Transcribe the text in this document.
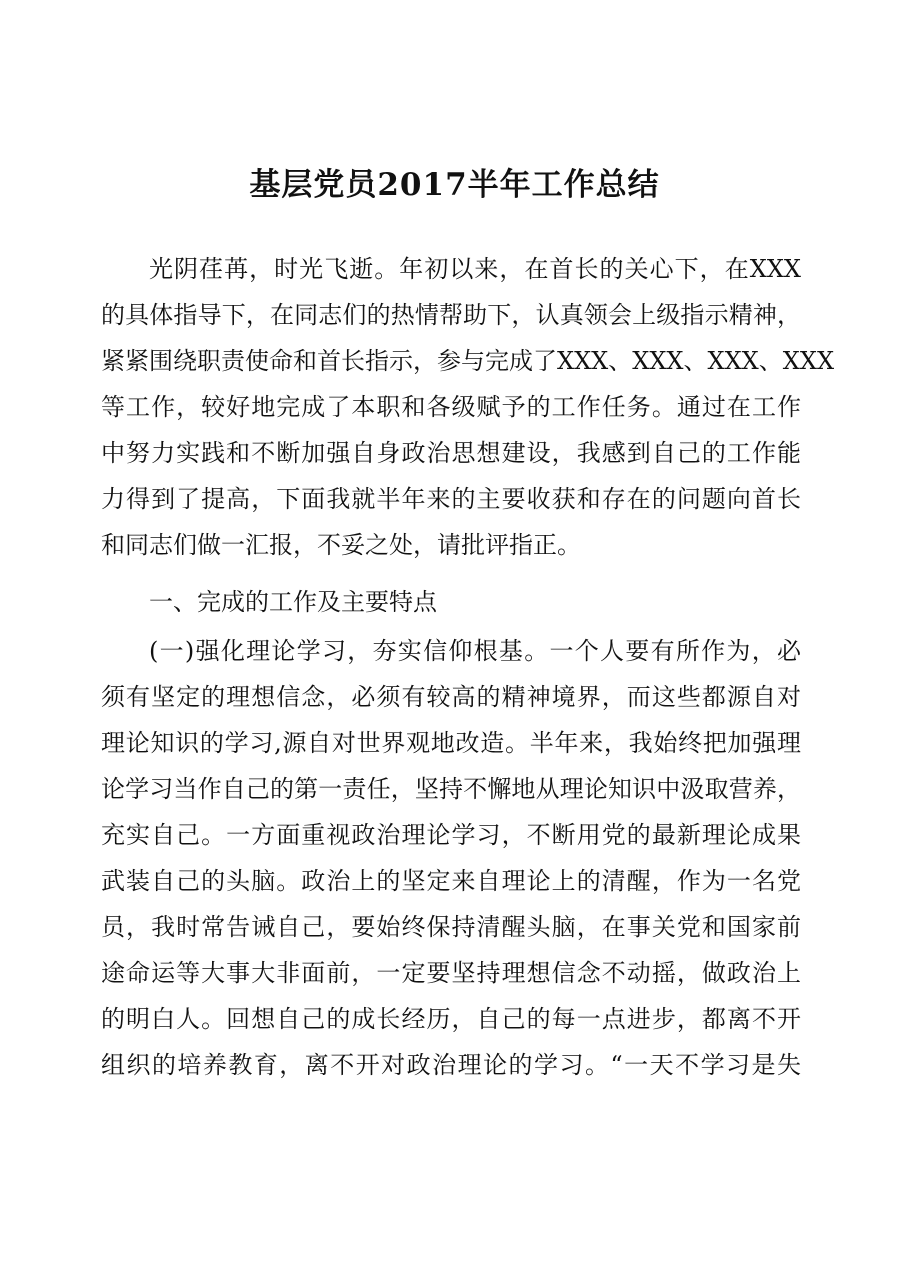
基层党员2017半年工作总结
光阴荏苒，时光飞逝。年初以来，在首长的关心下，在XXX
的具体指导下，在同志们的热情帮助下，认真领会上级指示精神，
紧紧围绕职责使命和首长指示，参与完成了XXX、XXX、XXX、XXX
等工作，较好地完成了本职和各级赋予的工作任务。通过在工作
中努力实践和不断加强自身政治思想建设，我感到自己的工作能
力得到了提高，下面我就半年来的主要收获和存在的问题向首长
和同志们做一汇报，不妥之处，请批评指正。
一、完成的工作及主要特点
(一)强化理论学习，夯实信仰根基。一个人要有所作为，必
须有坚定的理想信念，必须有较高的精神境界，而这些都源自对
理论知识的学习,源自对世界观地改造。半年来，我始终把加强理
论学习当作自己的第一责任，坚持不懈地从理论知识中汲取营养，
充实自己。一方面重视政治理论学习，不断用党的最新理论成果
武装自己的头脑。政治上的坚定来自理论上的清醒，作为一名党
员，我时常告诫自己，要始终保持清醒头脑，在事关党和国家前
途命运等大事大非面前，一定要坚持理想信念不动摇，做政治上
的明白人。回想自己的成长经历，自己的每一点进步，都离不开
组织的培养教育，离不开对政治理论的学习。“一天不学习是失
